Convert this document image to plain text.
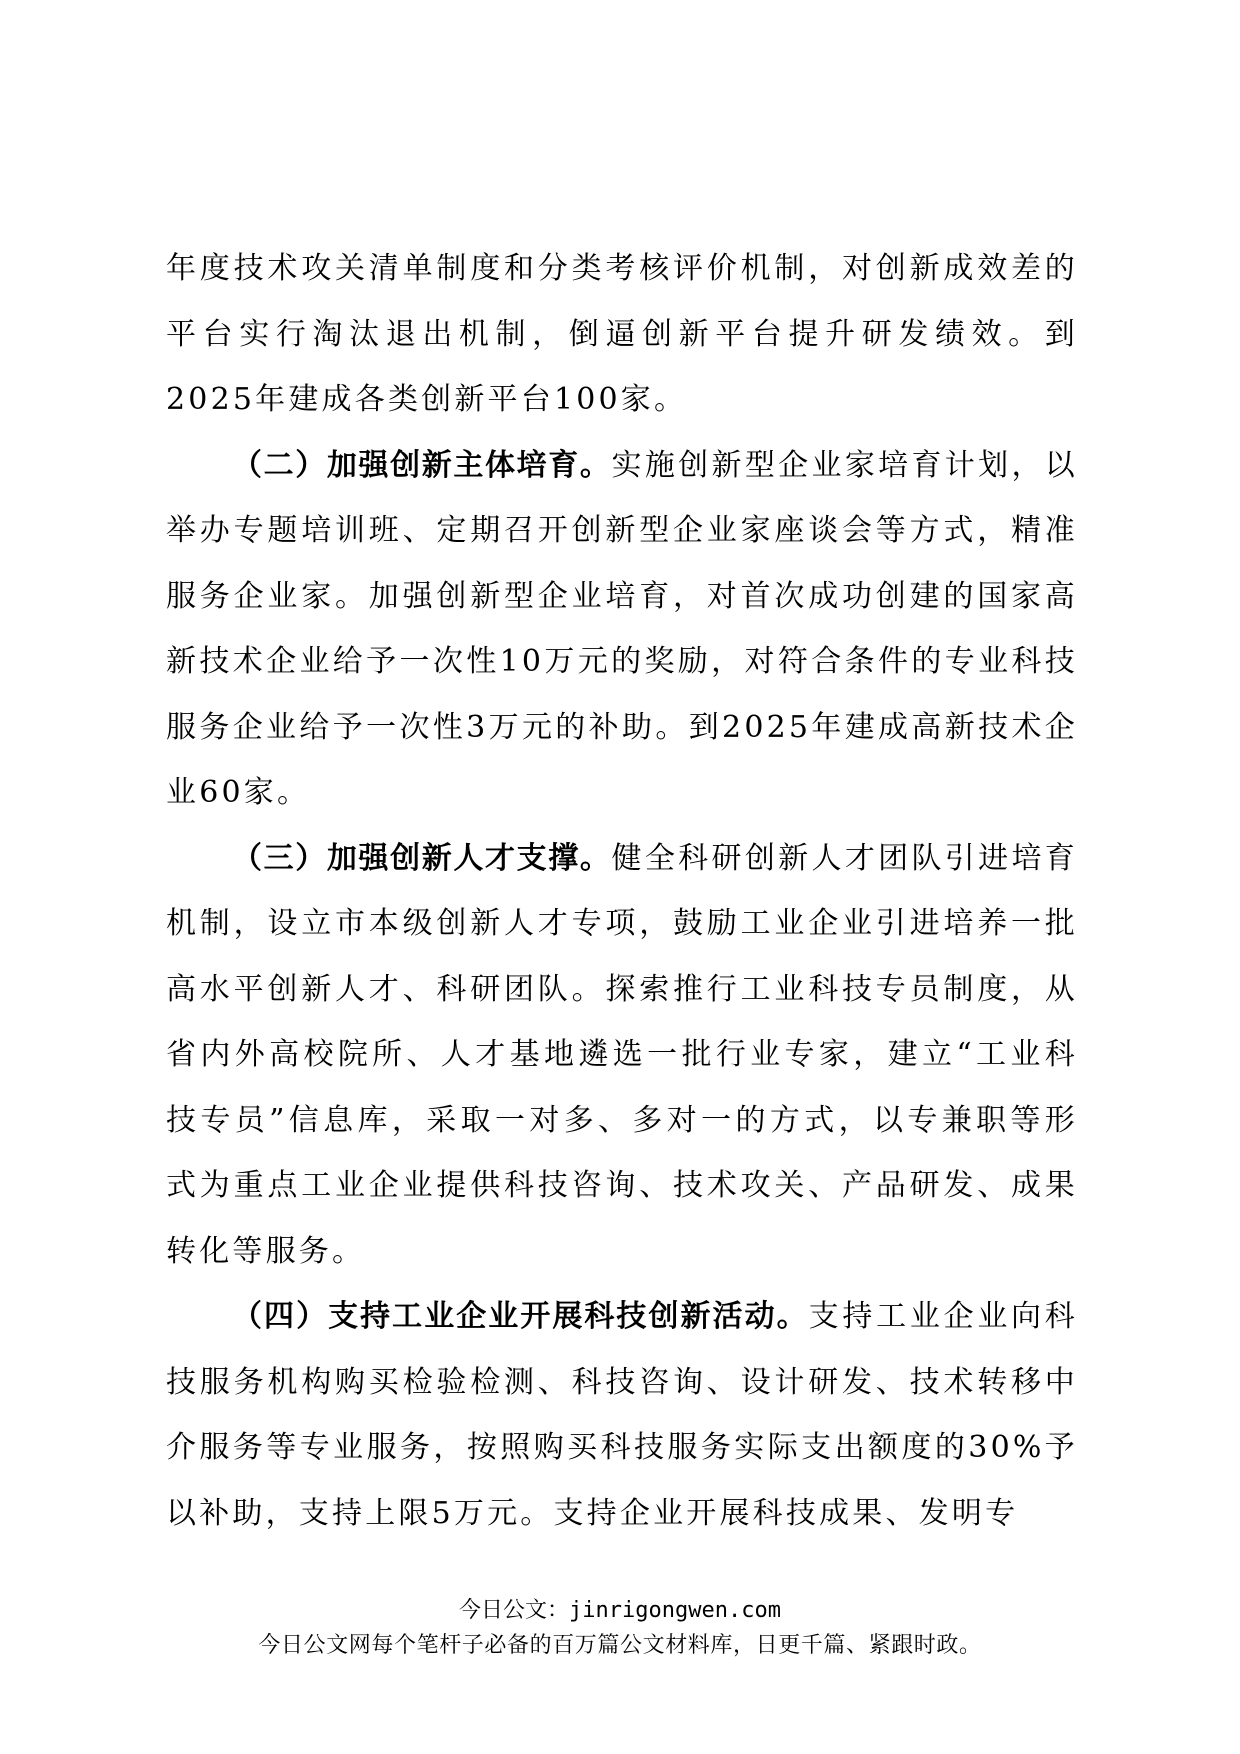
年度技术攻关清单制度和分类考核评价机制，对创新成效差的平台实行淘汰退出机制，倒逼创新平台提升研发绩效。到2025年建成各类创新平台100家。

（二）加强创新主体培育。实施创新型企业家培育计划，以举办专题培训班、定期召开创新型企业家座谈会等方式，精准服务企业家。加强创新型企业培育，对首次成功创建的国家高新技术企业给予一次性10万元的奖励，对符合条件的专业科技服务企业给予一次性3万元的补助。到2025年建成高新技术企业60家。

（三）加强创新人才支撑。健全科研创新人才团队引进培育机制，设立市本级创新人才专项，鼓励工业企业引进培养一批高水平创新人才、科研团队。探索推行工业科技专员制度，从省内外高校院所、人才基地遴选一批行业专家，建立“工业科技专员”信息库，采取一对多、多对一的方式，以专兼职等形式为重点工业企业提供科技咨询、技术攻关、产品研发、成果转化等服务。

（四）支持工业企业开展科技创新活动。支持工业企业向科技服务机构购买检验检测、科技咨询、设计研发、技术转移中介服务等专业服务，按照购买科技服务实际支出额度的30%予以补助，支持上限5万元。支持企业开展科技成果、发明专

今日公文：jinrigongwen.com
今日公文网每个笔杆子必备的百万篇公文材料库，日更千篇、紧跟时政。
